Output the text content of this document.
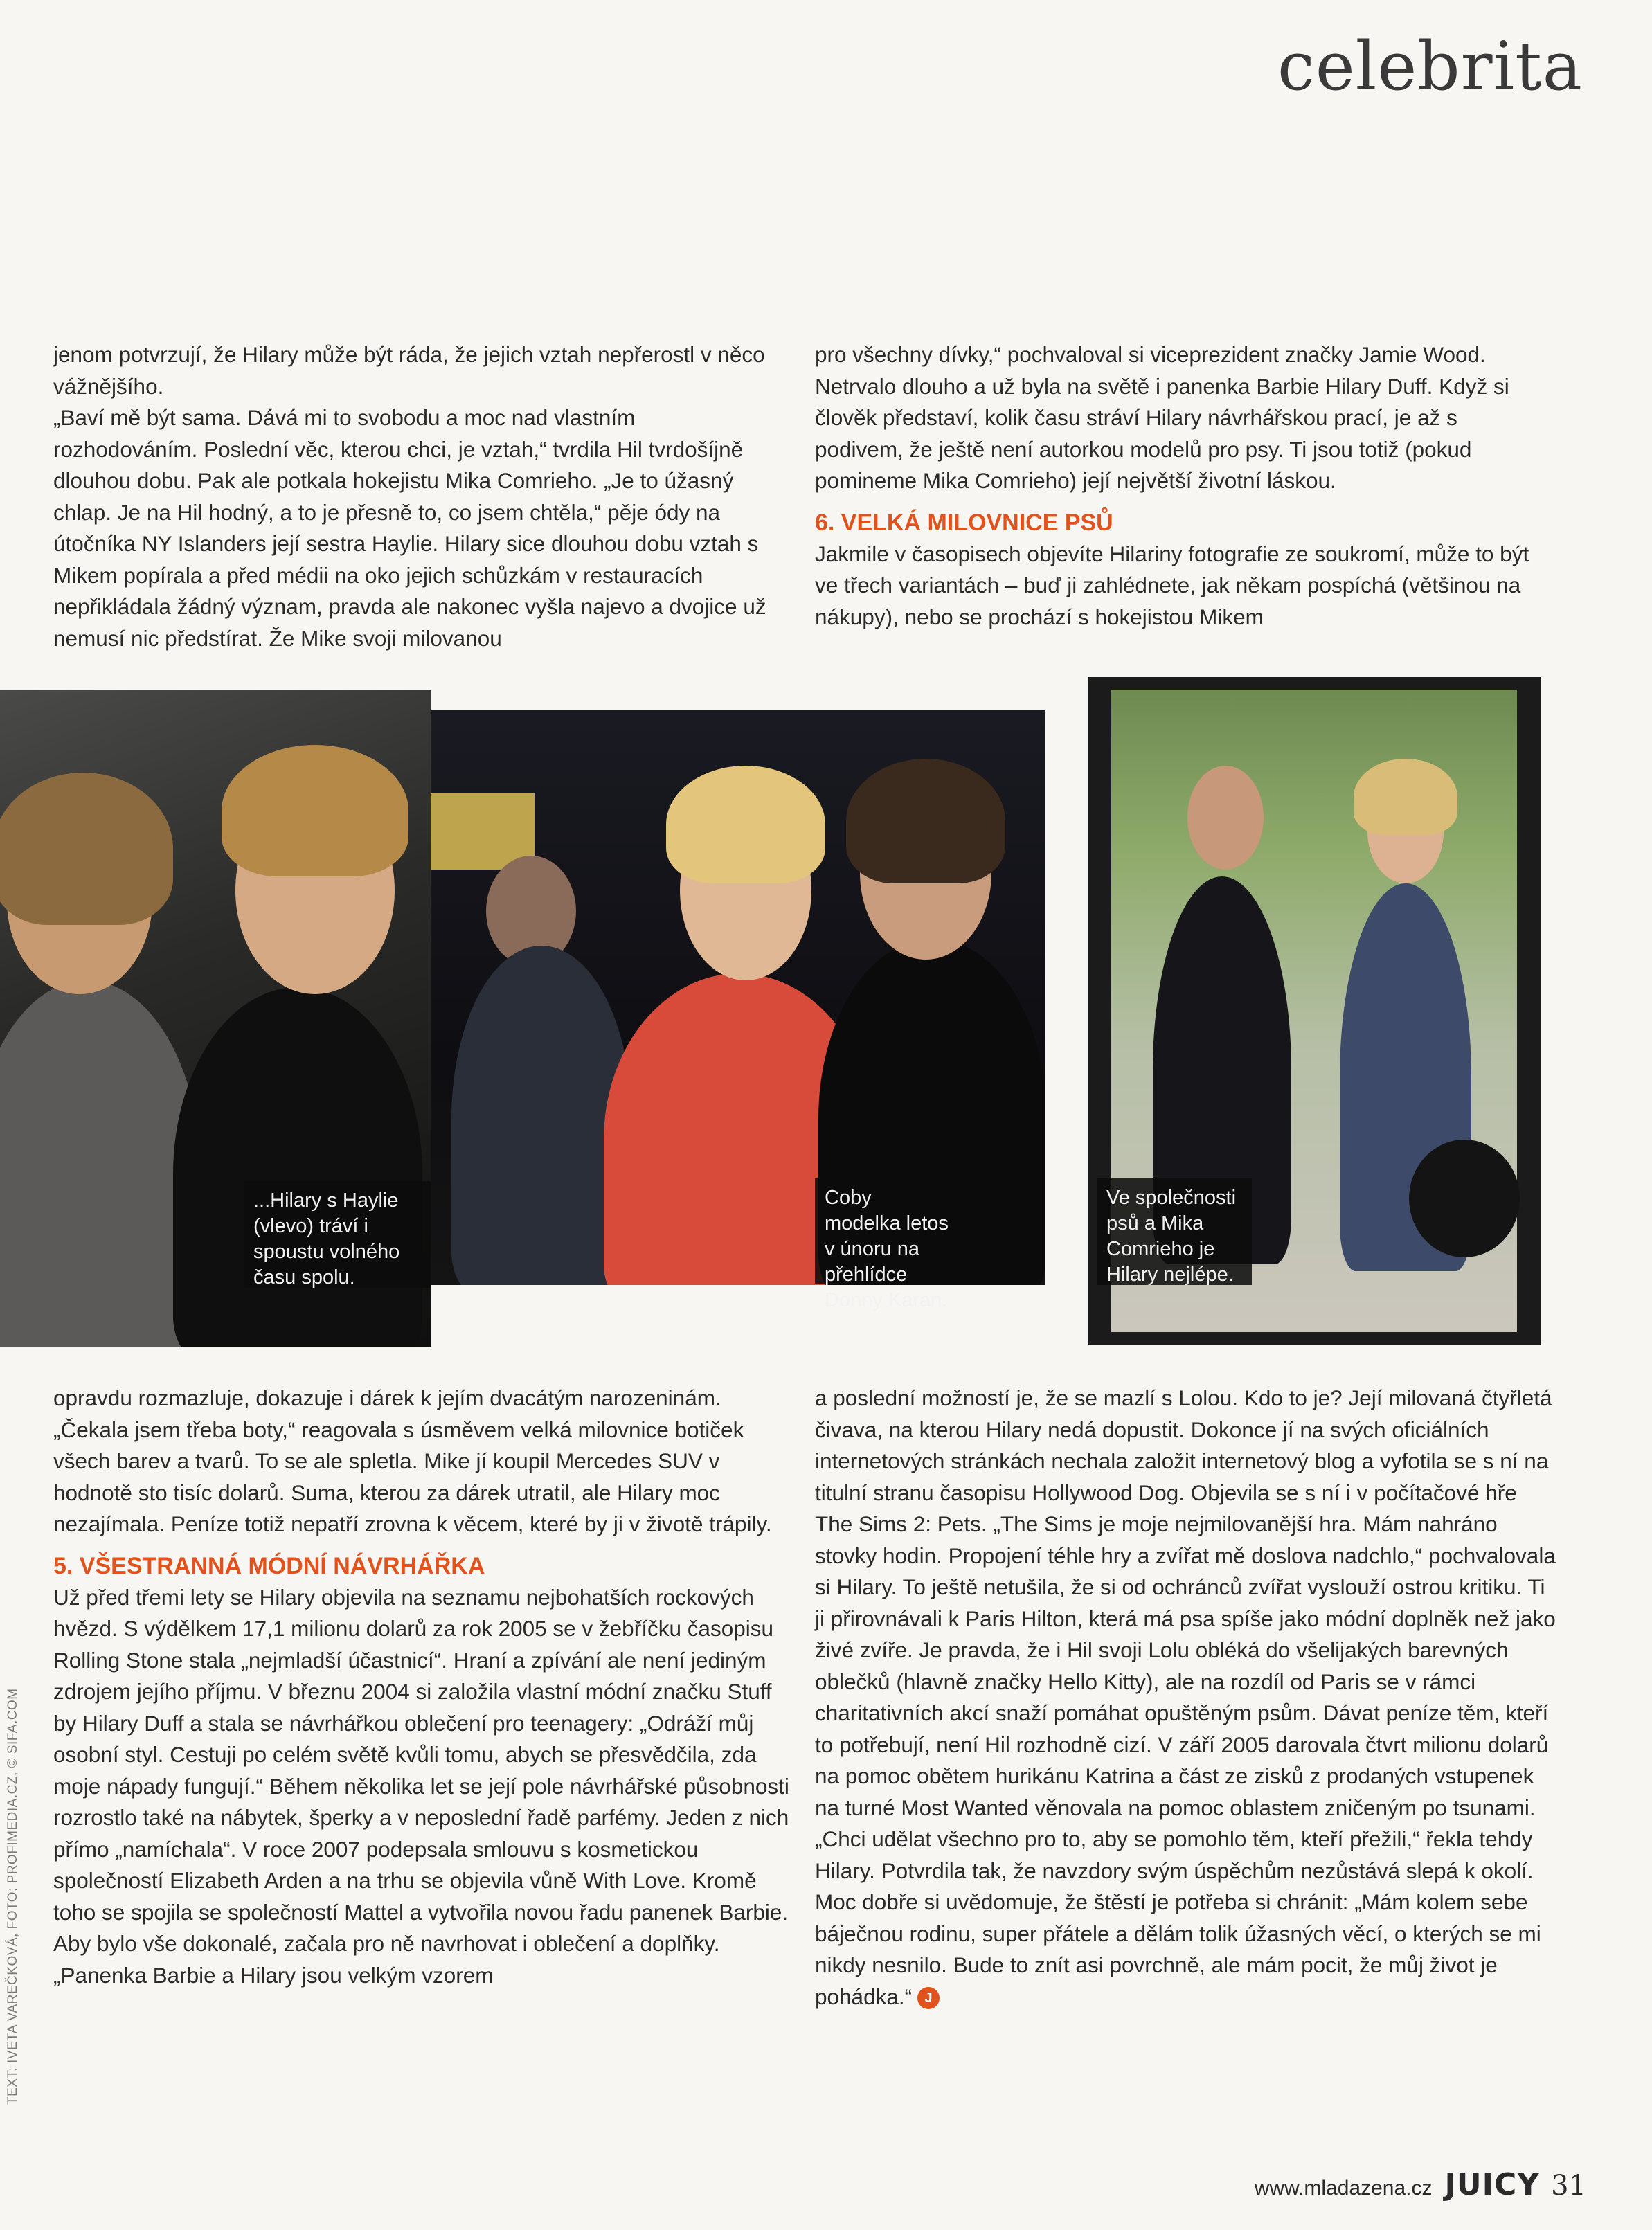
celebrita

jenom potvrzují, že Hilary může být ráda, že jejich vztah nepřerostl v něco vážnějšího.

„Baví mě být sama. Dává mi to svobodu a moc nad vlastním rozhodováním. Poslední věc, kterou chci, je vztah,“ tvrdila Hil tvrdošíjně dlouhou dobu. Pak ale potkala hokejistu Mika Comrieho. „Je to úžasný chlap. Je na Hil hodný, a to je přesně to, co jsem chtěla,“ pěje ódy na útočníka NY Islanders její sestra Haylie. Hilary sice dlouhou dobu vztah s Mikem popírala a před médii na oko jejich schůzkám v restauracích nepřikládala žádný význam, pravda ale nakonec vyšla najevo a dvojice už nemusí nic předstírat. Že Mike svoji milovanou

pro všechny dívky,“ pochvaloval si viceprezident značky Jamie Wood. Netrvalo dlouho a už byla na světě i panenka Barbie Hilary Duff. Když si člověk představí, kolik času stráví Hilary návrhářskou prací, je až s podivem, že ještě není autorkou modelů pro psy. Ti jsou totiž (pokud pomineme Mika Comrieho) její největší životní láskou.

6. VELKÁ MILOVNICE PSŮ

Jakmile v časopisech objevíte Hilariny fotografie ze soukromí, může to být ve třech variantách – buď ji zahlédnete, jak někam pospíchá (většinou na nákupy), nebo se prochází s hokejistou Mikem

...Hilary s Haylie (vlevo) tráví i spoustu volného času spolu.
Coby modelka letos v únoru na přehlídce Donny Karan.
Ve společnosti psů a Mika Comrieho je Hilary nejlépe.

opravdu rozmazluje, dokazuje i dárek k jejím dvacátým narozeninám. „Čekala jsem třeba boty,“ reagovala s úsměvem velká milovnice botiček všech barev a tvarů. To se ale spletla. Mike jí koupil Mercedes SUV v hodnotě sto tisíc dolarů. Suma, kterou za dárek utratil, ale Hilary moc nezajímala. Peníze totiž nepatří zrovna k věcem, které by ji v životě trápily.

5. VŠESTRANNÁ MÓDNÍ NÁVRHÁŘKA

Už před třemi lety se Hilary objevila na seznamu nejbohatších rockových hvězd. S výdělkem 17,1 milionu dolarů za rok 2005 se v žebříčku časopisu Rolling Stone stala „nejmladší účastnicí“. Hraní a zpívání ale není jediným zdrojem jejího příjmu. V březnu 2004 si založila vlastní módní značku Stuff by Hilary Duff a stala se návrhářkou oblečení pro teenagery: „Odráží můj osobní styl. Cestuji po celém světě kvůli tomu, abych se přesvědčila, zda moje nápady fungují.“ Během několika let se její pole návrhářské působnosti rozrostlo také na nábytek, šperky a v neposlední řadě parfémy. Jeden z nich přímo „namíchala“. V roce 2007 podepsala smlouvu s kosmetickou společností Elizabeth Arden a na trhu se objevila vůně With Love. Kromě toho se spojila se společností Mattel a vytvořila novou řadu panenek Barbie. Aby bylo vše dokonalé, začala pro ně navrhovat i oblečení a doplňky. „Panenka Barbie a Hilary jsou velkým vzorem

a poslední možností je, že se mazlí s Lolou. Kdo to je? Její milovaná čtyřletá čivava, na kterou Hilary nedá dopustit. Dokonce jí na svých oficiálních internetových stránkách nechala založit internetový blog a vyfotila se s ní na titulní stranu časopisu Hollywood Dog. Objevila se s ní i v počítačové hře The Sims 2: Pets. „The Sims je moje nejmilovanější hra. Mám nahráno stovky hodin. Propojení téhle hry a zvířat mě doslova nadchlo,“ pochvalovala si Hilary. To ještě netušila, že si od ochránců zvířat vyslouží ostrou kritiku. Ti ji přirovnávali k Paris Hilton, která má psa spíše jako módní doplněk než jako živé zvíře. Je pravda, že i Hil svoji Lolu obléká do všelijakých barevných oblečků (hlavně značky Hello Kitty), ale na rozdíl od Paris se v rámci charitativních akcí snaží pomáhat opuštěným psům. Dávat peníze těm, kteří to potřebují, není Hil rozhodně cizí. V září 2005 darovala čtvrt milionu dolarů na pomoc obětem hurikánu Katrina a část ze zisků z prodaných vstupenek na turné Most Wanted věnovala na pomoc oblastem zničeným po tsunami. „Chci udělat všechno pro to, aby se pomohlo těm, kteří přežili,“ řekla tehdy Hilary. Potvrdila tak, že navzdory svým úspěchům nezůstává slepá k okolí. Moc dobře si uvědomuje, že štěstí je potřeba si chránit: „Mám kolem sebe báječnou rodinu, super přátele a dělám tolik úžasných věcí, o kterých se mi nikdy nesnilo. Bude to znít asi povrchně, ale mám pocit, že můj život je pohádka.“ J

TEXT: IVETA VAREČKOVÁ, FOTO: PROFIMEDIA.CZ, © SIFA.COM
www.mladazena.cz JUICY 31
